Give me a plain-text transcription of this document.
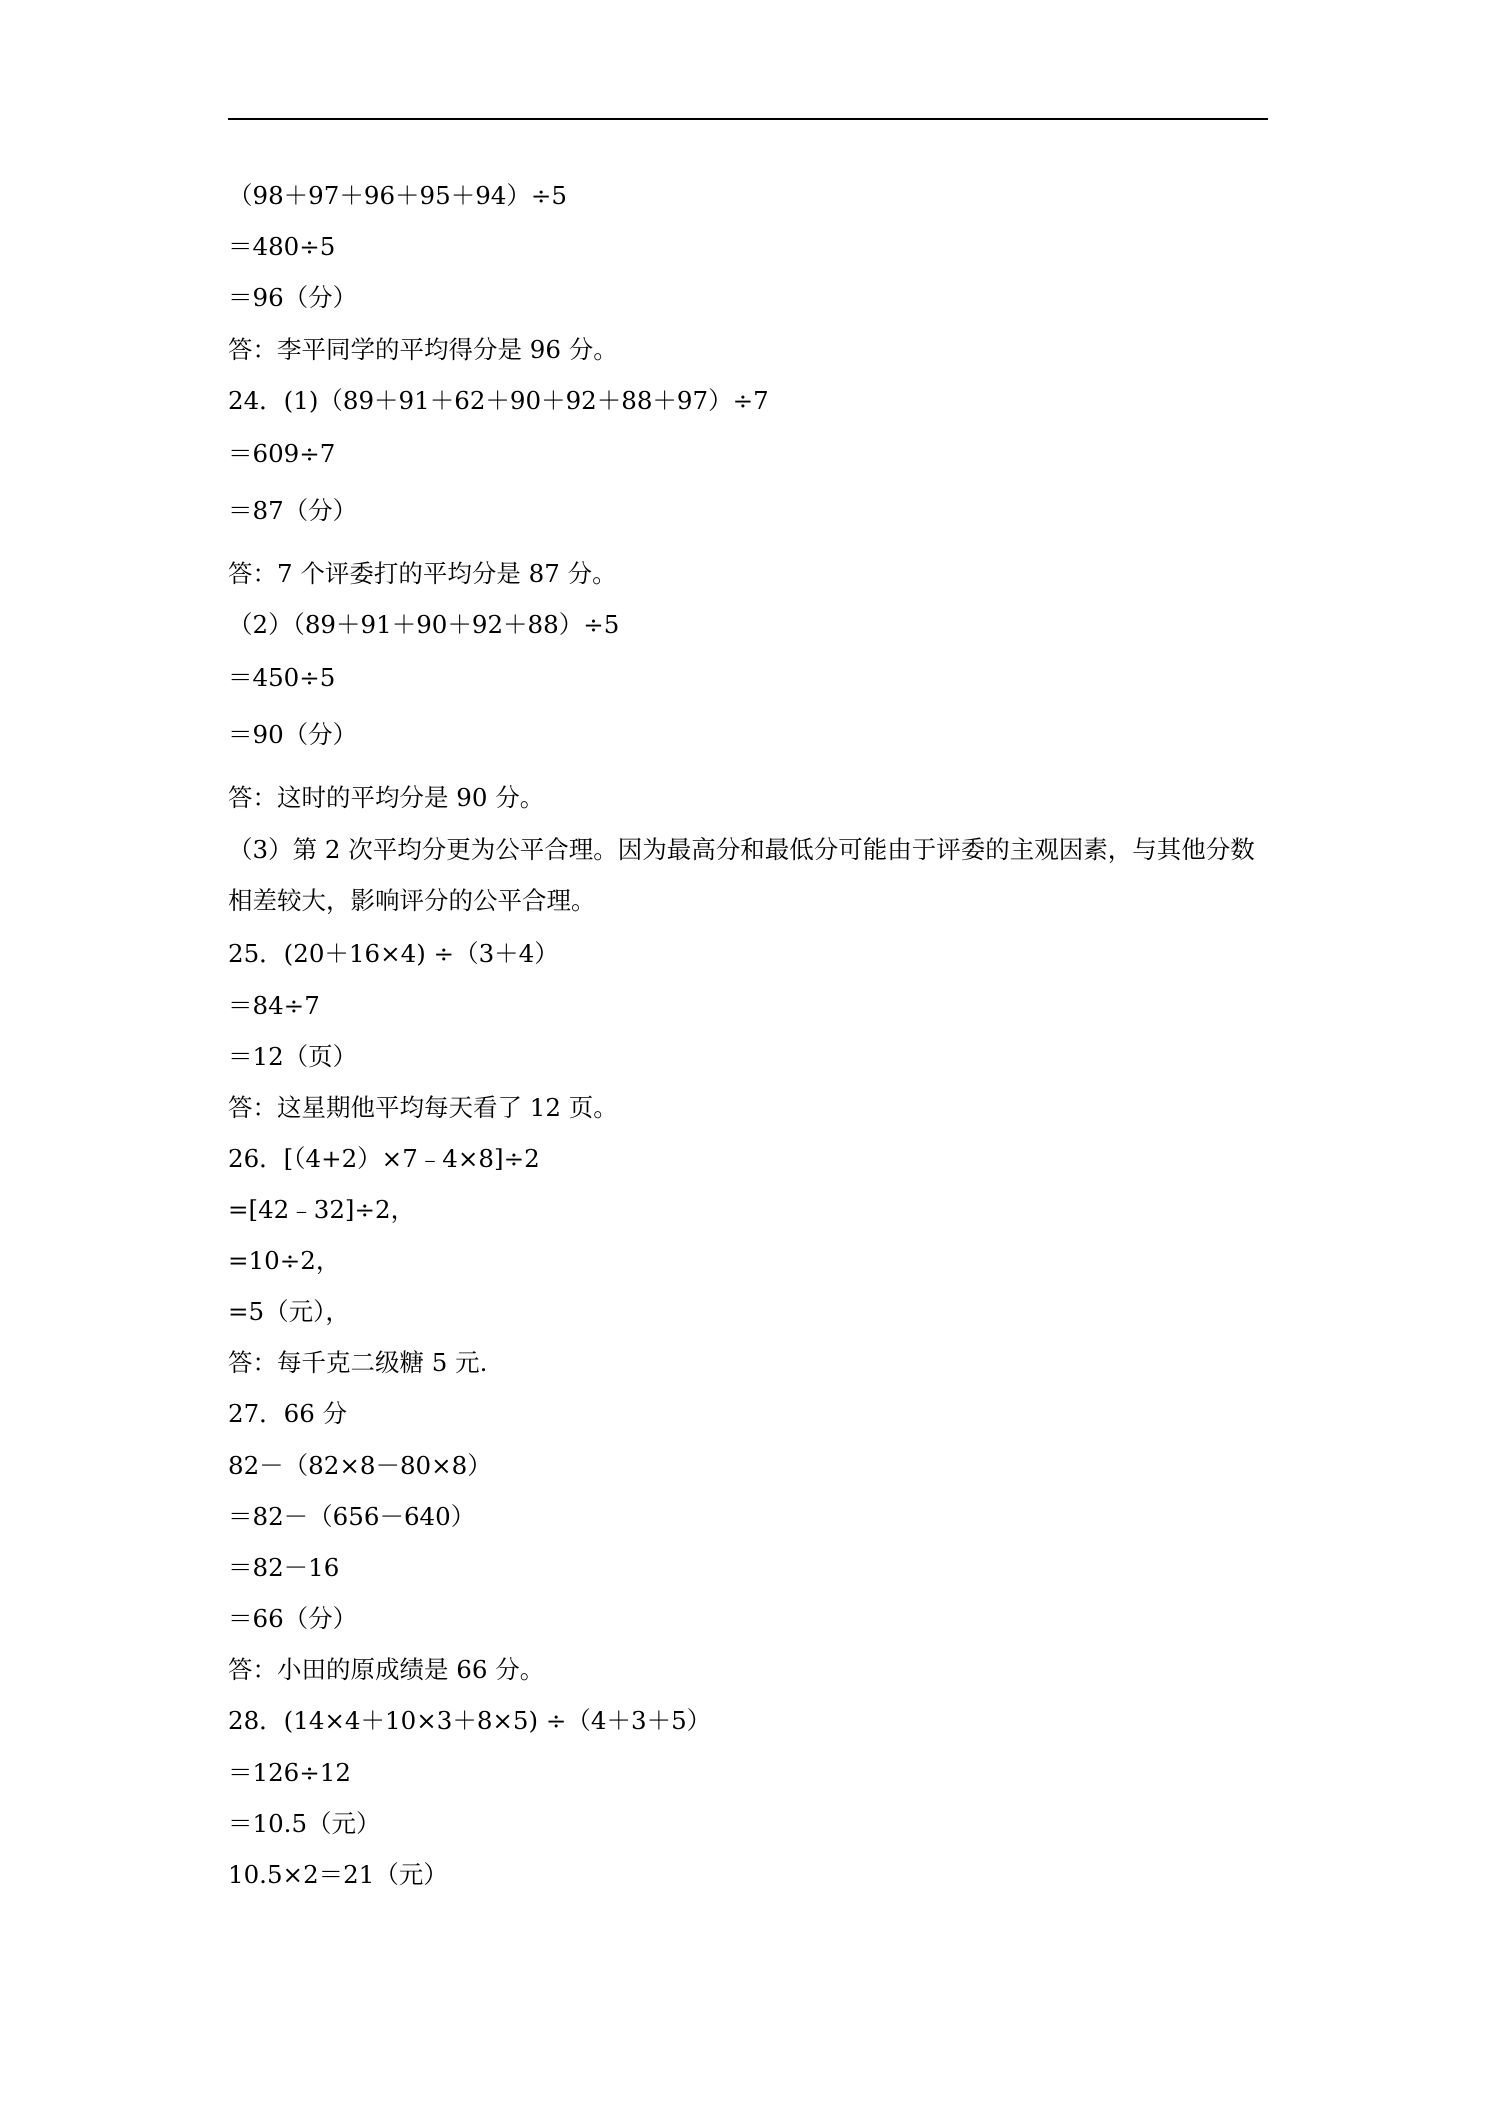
（98＋97＋96＋95＋94）÷5

＝480÷5

＝96（分）

答：李平同学的平均得分是 96 分。

24．(1)（89＋91＋62＋90＋92＋88＋97）÷7

＝609÷7

＝87（分）

答：7 个评委打的平均分是 87 分。

（2）（89＋91＋90＋92＋88）÷5

＝450÷5

＝90（分）

答：这时的平均分是 90 分。

（3）第 2 次平均分更为公平合理。因为最高分和最低分可能由于评委的主观因素，与其他分数相差较大，影响评分的公平合理。

25．(20＋16×4) ÷（3＋4）

＝84÷7

＝12（页）

答：这星期他平均每天看了 12 页。

26．[（4+2）×7﹣4×8]÷2

=[42﹣32]÷2，

=10÷2，

=5（元），

答：每千克二级糖 5 元.

27．66 分

82－（82×8－80×8）

＝82－（656－640）

＝82－16

＝66（分）

答：小田的原成绩是 66 分。

28．(14×4＋10×3＋8×5) ÷（4＋3＋5）

＝126÷12

＝10.5（元）

10.5×2＝21（元）
